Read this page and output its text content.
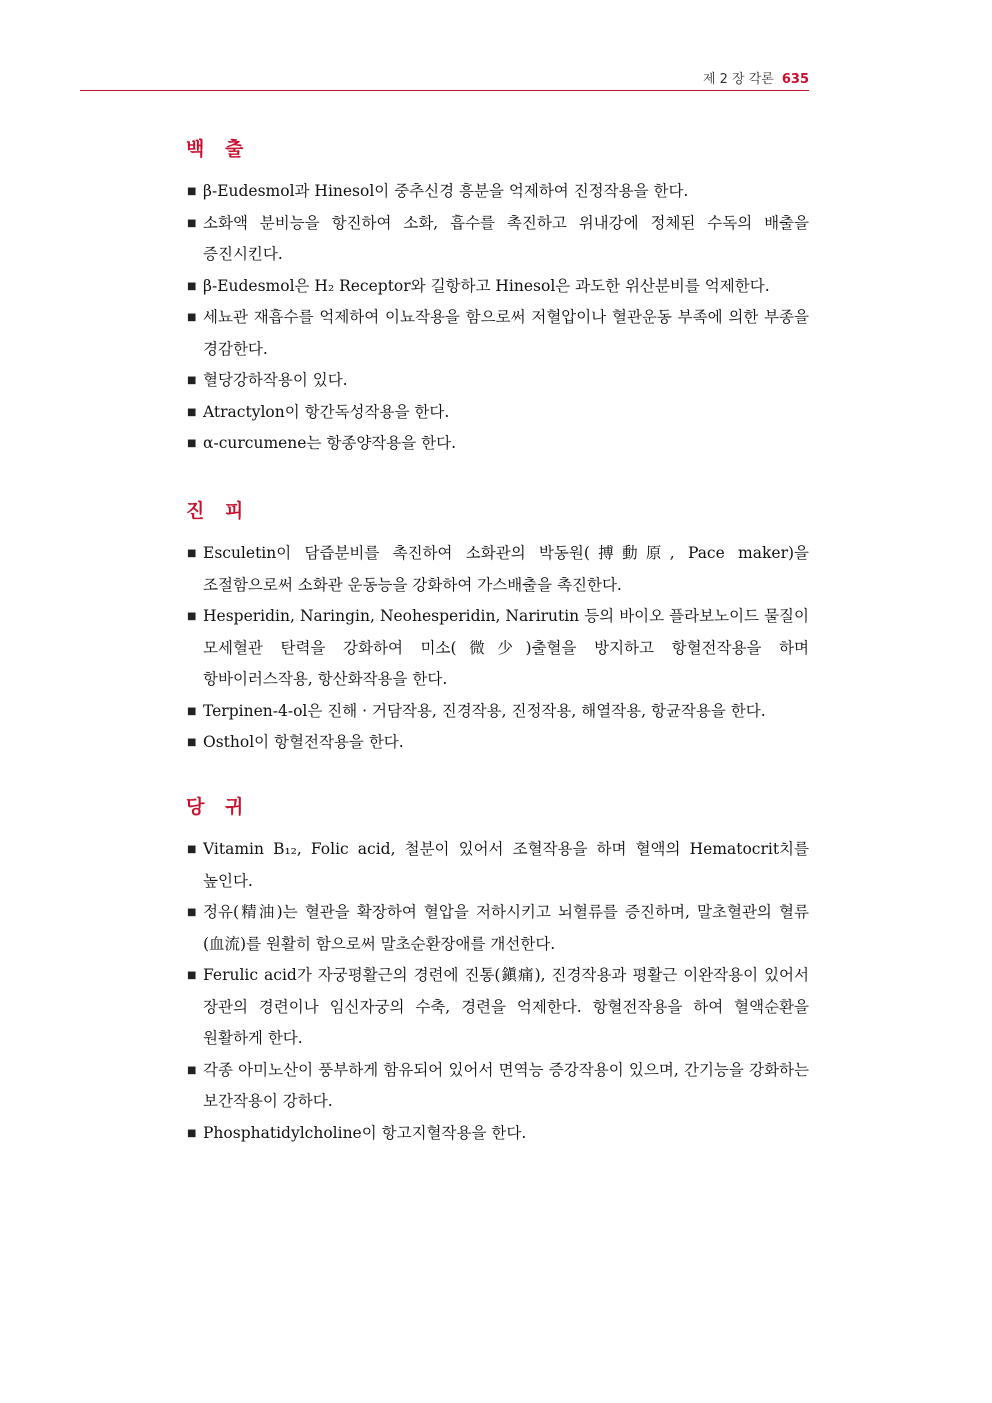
제 2 장 각론 635
백 출
■ β-Eudesmol과 Hinesol이 중추신경 흥분을 억제하여 진정작용을 한다.
■ 소화액 분비능을 항진하여 소화, 흡수를 촉진하고 위내강에 정체된 수독의 배출을 증진시킨다.
■ β-Eudesmol은 H₂ Receptor와 길항하고 Hinesol은 과도한 위산분비를 억제한다.
■ 세뇨관 재흡수를 억제하여 이뇨작용을 함으로써 저혈압이나 혈관운동 부족에 의한 부종을 경감한다.
■ 혈당강하작용이 있다.
■ Atractylon이 항간독성작용을 한다.
■ α-curcumene는 항종양작용을 한다.
진 피
■ Esculetin이 담즙분비를 촉진하여 소화관의 박동원(搏動原, Pace maker)을 조절함으로써 소화관 운동능을 강화하여 가스배출을 촉진한다.
■ Hesperidin, Naringin, Neohesperidin, Narirutin 등의 바이오 플라보노이드 물질이 모세혈관 탄력을 강화하여 미소(微少)출혈을 방지하고 항혈전작용을 하며 항바이러스작용, 항산화작용을 한다.
■ Terpinen-4-ol은 진해 · 거담작용, 진경작용, 진정작용, 해열작용, 항균작용을 한다.
■ Osthol이 항혈전작용을 한다.
당 귀
■ Vitamin B₁₂, Folic acid, 철분이 있어서 조혈작용을 하며 혈액의 Hematocrit치를 높인다.
■ 정유(精油)는 혈관을 확장하여 혈압을 저하시키고 뇌혈류를 증진하며, 말초혈관의 혈류(血流)를 원활히 함으로써 말초순환장애를 개선한다.
■ Ferulic acid가 자궁평활근의 경련에 진통(鎭痛), 진경작용과 평활근 이완작용이 있어서 장관의 경련이나 임신자궁의 수축, 경련을 억제한다. 항혈전작용을 하여 혈액순환을 원활하게 한다.
■ 각종 아미노산이 풍부하게 함유되어 있어서 면역능 증강작용이 있으며, 간기능을 강화하는 보간작용이 강하다.
■ Phosphatidylcholine이 항고지혈작용을 한다.
